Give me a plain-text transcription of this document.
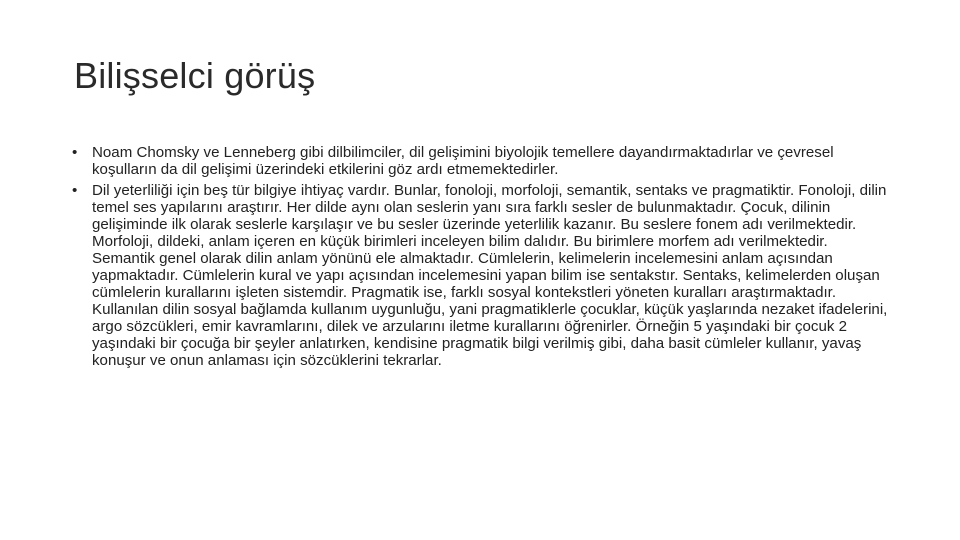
Bilişselci görüş
• Noam Chomsky ve Lenneberg gibi dilbilimciler, dil gelişimini biyolojik temellere dayandırmaktadırlar ve çevresel koşulların da dil gelişimi üzerindeki etkilerini göz ardı etmemektedirler.
• Dil yeterliliği için beş tür bilgiye ihtiyaç vardır. Bunlar, fonoloji, morfoloji, semantik, sentaks ve pragmatiktir. Fonoloji, dilin temel ses yapılarını araştırır. Her dilde aynı olan seslerin yanı sıra farklı sesler de bulunmaktadır. Çocuk, dilinin gelişiminde ilk olarak seslerle karşılaşır ve bu sesler üzerinde yeterlilik kazanır. Bu seslere fonem adı verilmektedir. Morfoloji, dildeki, anlam içeren en küçük birimleri inceleyen bilim dalıdır. Bu birimlere morfem adı verilmektedir. Semantik genel olarak dilin anlam yönünü ele almaktadır. Cümlelerin, kelimelerin incelemesini anlam açısından yapmaktadır. Cümlelerin kural ve yapı açısından incelemesini yapan bilim ise sentakstır. Sentaks, kelimelerden oluşan cümlelerin kurallarını işleten sistemdir. Pragmatik ise, farklı sosyal kontekstleri yöneten kuralları araştırmaktadır. Kullanılan dilin sosyal bağlamda kullanım uygunluğu, yani pragmatiklerle çocuklar, küçük yaşlarında nezaket ifadelerini, argo sözcükleri, emir kavramlarını, dilek ve arzularını iletme kurallarını öğrenirler. Örneğin 5 yaşındaki bir çocuk 2 yaşındaki bir çocuğa bir şeyler anlatırken, kendisine pragmatik bilgi verilmiş gibi, daha basit cümleler kullanır, yavaş konuşur ve onun anlaması için sözcüklerini tekrarlar.
